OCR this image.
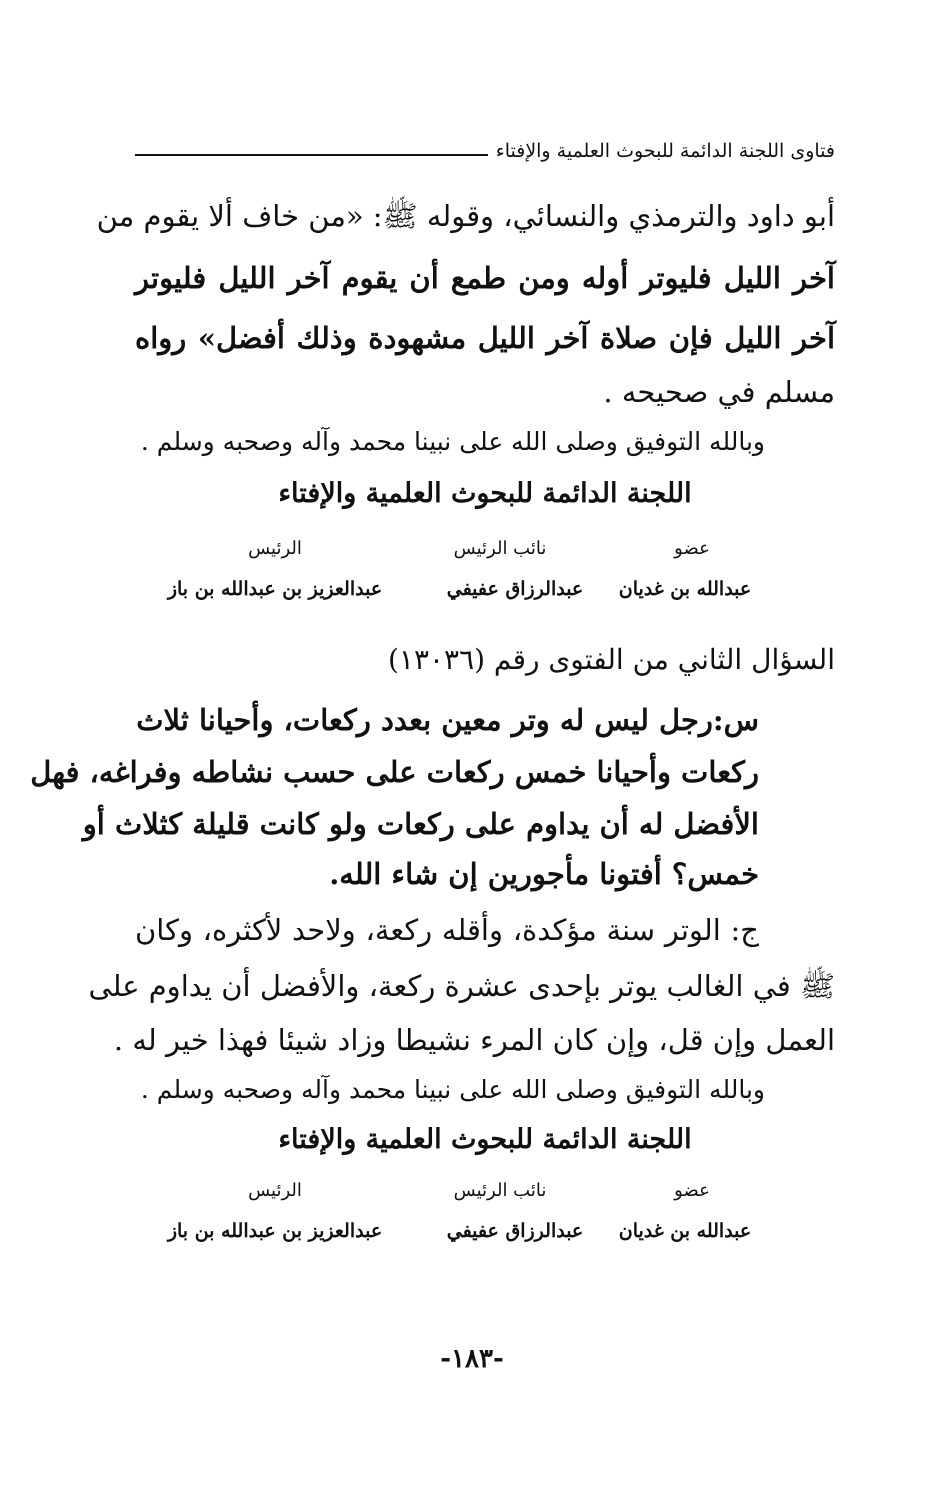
فتاوى اللجنة الدائمة للبحوث العلمية والإفتاء
أبو داود والترمذي والنسائي، وقوله ﷺ: «من خاف ألا يقوم من
آخر الليل فليوتر أوله ومن طمع أن يقوم آخر الليل فليوتر
آخر الليل فإن صلاة آخر الليل مشهودة وذلك أفضل» رواه
مسلم في صحيحه .
وبالله التوفيق وصلى الله على نبينا محمد وآله وصحبه وسلم .
اللجنة الدائمة للبحوث العلمية والإفتاء
عضو
نائب الرئيس
الرئيس
عبدالله بن غديان
عبدالرزاق عفيفي
عبدالعزيز بن عبدالله بن باز
السؤال الثاني من الفتوى رقم (١٣٠٣٦)
س:رجل ليس له وتر معين بعدد ركعات، وأحيانا ثلاث
ركعات وأحيانا خمس ركعات على حسب نشاطه وفراغه، فهل
الأفضل له أن يداوم على ركعات ولو كانت قليلة كثلاث أو
خمس؟ أفتونا مأجورين إن شاء الله.
ج: الوتر سنة مؤكدة، وأقله ركعة، ولاحد لأكثره، وكان
ﷺ في الغالب يوتر بإحدى عشرة ركعة، والأفضل أن يداوم على
العمل وإن قل، وإن كان المرء نشيطا وزاد شيئا فهذا خير له .
وبالله التوفيق وصلى الله على نبينا محمد وآله وصحبه وسلم .
اللجنة الدائمة للبحوث العلمية والإفتاء
عضو
نائب الرئيس
الرئيس
عبدالله بن غديان
عبدالرزاق عفيفي
عبدالعزيز بن عبدالله بن باز
-١٨٣-
